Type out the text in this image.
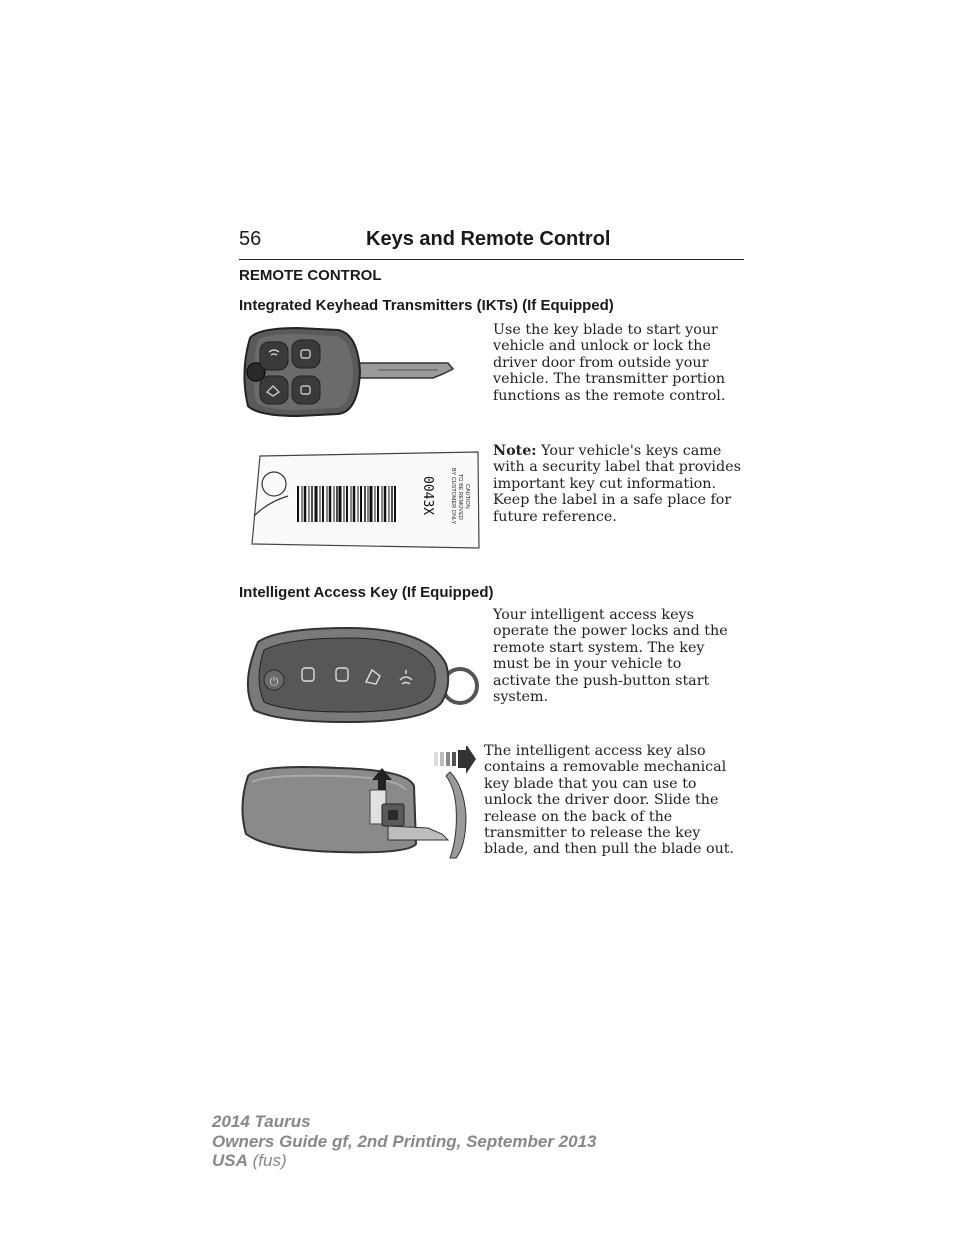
56	Keys and Remote Control
REMOTE CONTROL
Integrated Keyhead Transmitters (IKTs) (If Equipped)
Use the key blade to start your vehicle and unlock or lock the driver door from outside your vehicle. The transmitter portion functions as the remote control.
0043X	CAUTION
TO BE REMOVED
BY CUSTOMER ONLY
Note: Your vehicle's keys came with a security label that provides important key cut information. Keep the label in a safe place for future reference.
Intelligent Access Key (If Equipped)
⏻
Your intelligent access keys operate the power locks and the remote start system. The key must be in your vehicle to activate the push-button start system.
The intelligent access key also contains a removable mechanical key blade that you can use to unlock the driver door. Slide the release on the back of the transmitter to release the key blade, and then pull the blade out.
2014 Taurus
Owners Guide gf, 2nd Printing, September 2013
USA (fus)
